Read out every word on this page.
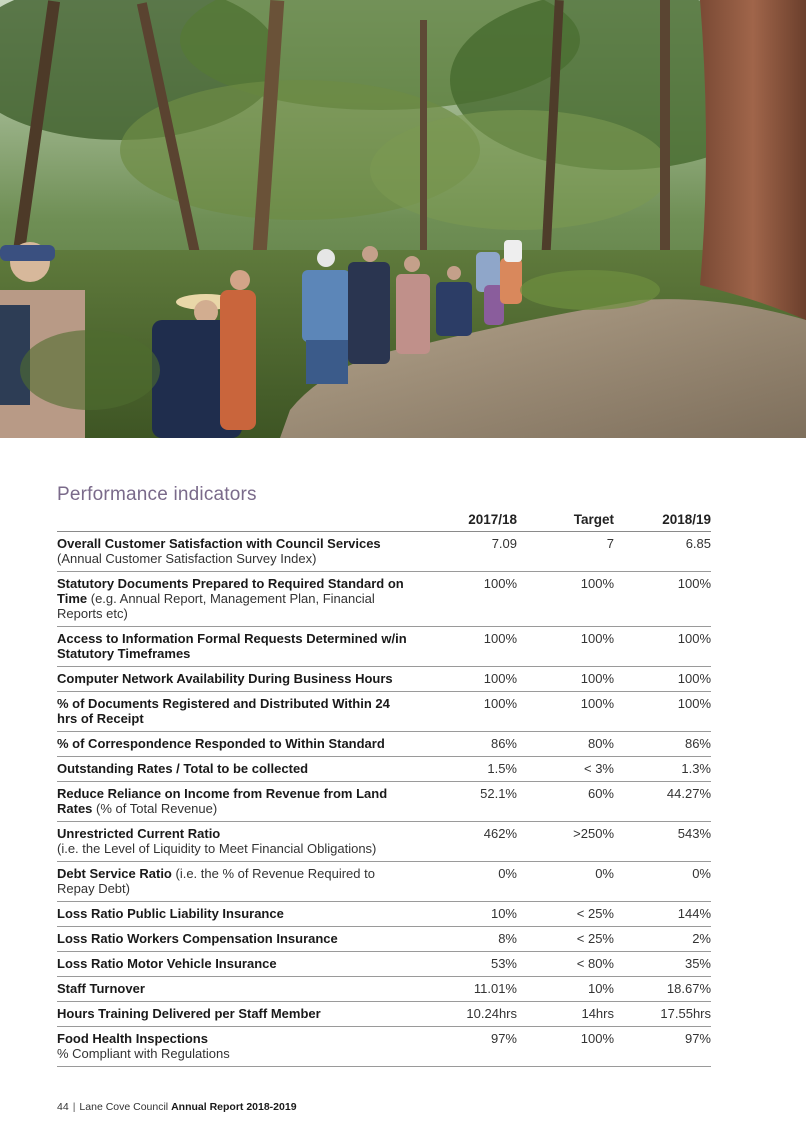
Performance indicators
	2017/18	Target	2018/19
Overall Customer Satisfaction with Council Services
(Annual Customer Satisfaction Survey Index)	7.09	7	6.85
Statutory Documents Prepared to Required Standard on Time (e.g. Annual Report, Management Plan, Financial Reports etc)	100%	100%	100%
Access to Information Formal Requests Determined w/in Statutory Timeframes	100%	100%	100%
Computer Network Availability During Business Hours	100%	100%	100%
% of Documents Registered and Distributed Within 24 hrs of Receipt	100%	100%	100%
% of Correspondence Responded to Within Standard	86%	80%	86%
Outstanding Rates / Total to be collected	1.5%	< 3%	1.3%
Reduce Reliance on Income from Revenue from Land Rates (% of Total Revenue)	52.1%	60%	44.27%
Unrestricted Current Ratio
(i.e. the Level of Liquidity to Meet Financial Obligations)	462%	>250%	543%
Debt Service Ratio (i.e. the % of Revenue Required to Repay Debt)	0%	0%	0%
Loss Ratio Public Liability Insurance	10%	< 25%	144%
Loss Ratio Workers Compensation Insurance	8%	< 25%	2%
Loss Ratio Motor Vehicle Insurance	53%	< 80%	35%
Staff Turnover	11.01%	10%	18.67%
Hours Training Delivered per Staff Member	10.24hrs	14hrs	17.55hrs
Food Health Inspections
% Compliant with Regulations	97%	100%	97%
44 | Lane Cove Council Annual Report 2018-2019
